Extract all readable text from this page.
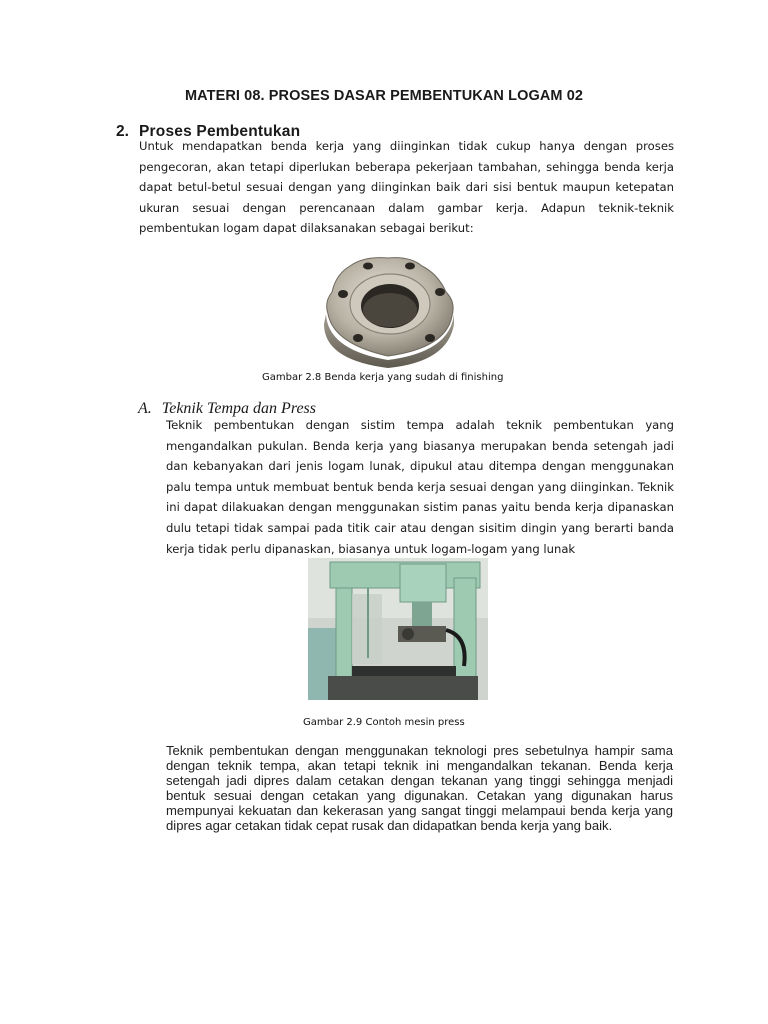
MATERI 08. PROSES DASAR PEMBENTUKAN LOGAM 02
2. Proses Pembentukan
Untuk mendapatkan benda kerja yang diinginkan tidak cukup hanya dengan proses pengecoran, akan tetapi diperlukan beberapa pekerjaan tambahan, sehingga benda kerja dapat betul-betul sesuai dengan yang diinginkan baik dari sisi bentuk maupun ketepatan ukuran sesuai dengan perencanaan dalam gambar kerja. Adapun teknik-teknik pembentukan logam dapat dilaksanakan sebagai berikut:
Gambar 2.8 Benda kerja yang sudah di finishing
A. Teknik Tempa dan Press
Teknik pembentukan dengan sistim tempa adalah teknik pembentukan yang mengandalkan pukulan. Benda kerja yang biasanya merupakan benda setengah jadi dan kebanyakan dari jenis logam lunak, dipukul atau ditempa dengan menggunakan palu tempa untuk membuat bentuk benda kerja sesuai dengan yang diinginkan. Teknik ini dapat dilakuakan dengan menggunakan sistim panas yaitu benda kerja dipanaskan dulu tetapi tidak sampai pada titik cair atau dengan sisitim dingin yang berarti banda kerja tidak perlu dipanaskan, biasanya untuk logam-logam yang lunak
Gambar 2.9 Contoh mesin press
Teknik pembentukan dengan menggunakan teknologi pres sebetulnya hampir sama dengan teknik tempa, akan tetapi teknik ini mengandalkan tekanan. Benda kerja setengah jadi dipres dalam cetakan dengan tekanan yang tinggi sehingga menjadi bentuk sesuai dengan cetakan yang digunakan. Cetakan yang digunakan harus mempunyai kekuatan dan kekerasan yang sangat tinggi melampaui benda kerja yang dipres agar cetakan tidak cepat rusak dan didapatkan benda kerja yang baik.
